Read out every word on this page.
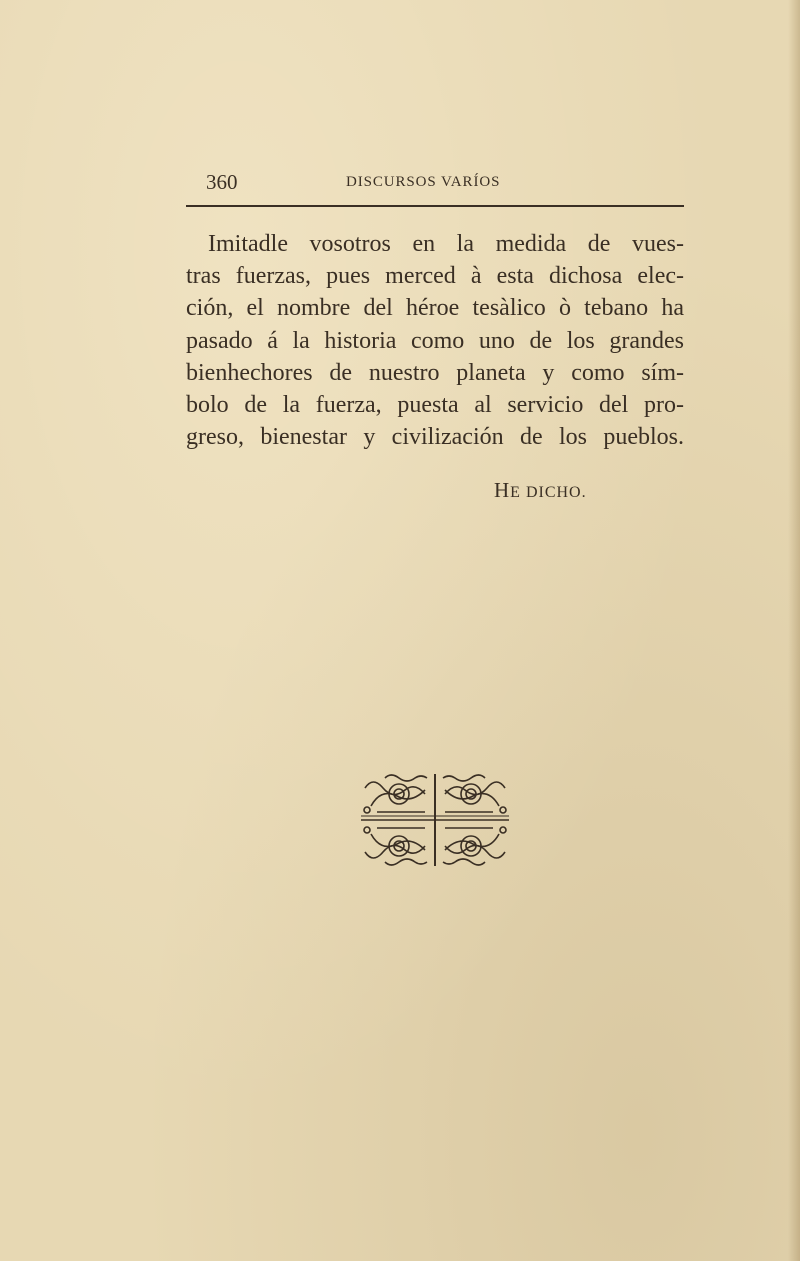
360	DISCURSOS VARÍOS
Imitadle vosotros en la medida de vues-
tras fuerzas, pues merced à esta dichosa elec-
ción, el nombre del héroe tesàlico ò tebano ha
pasado á la historia como uno de los grandes
bienhechores de nuestro planeta y como sím-
bolo de la fuerza, puesta al servicio del pro-
greso, bienestar y civilización de los pueblos.
HE DICHO.
